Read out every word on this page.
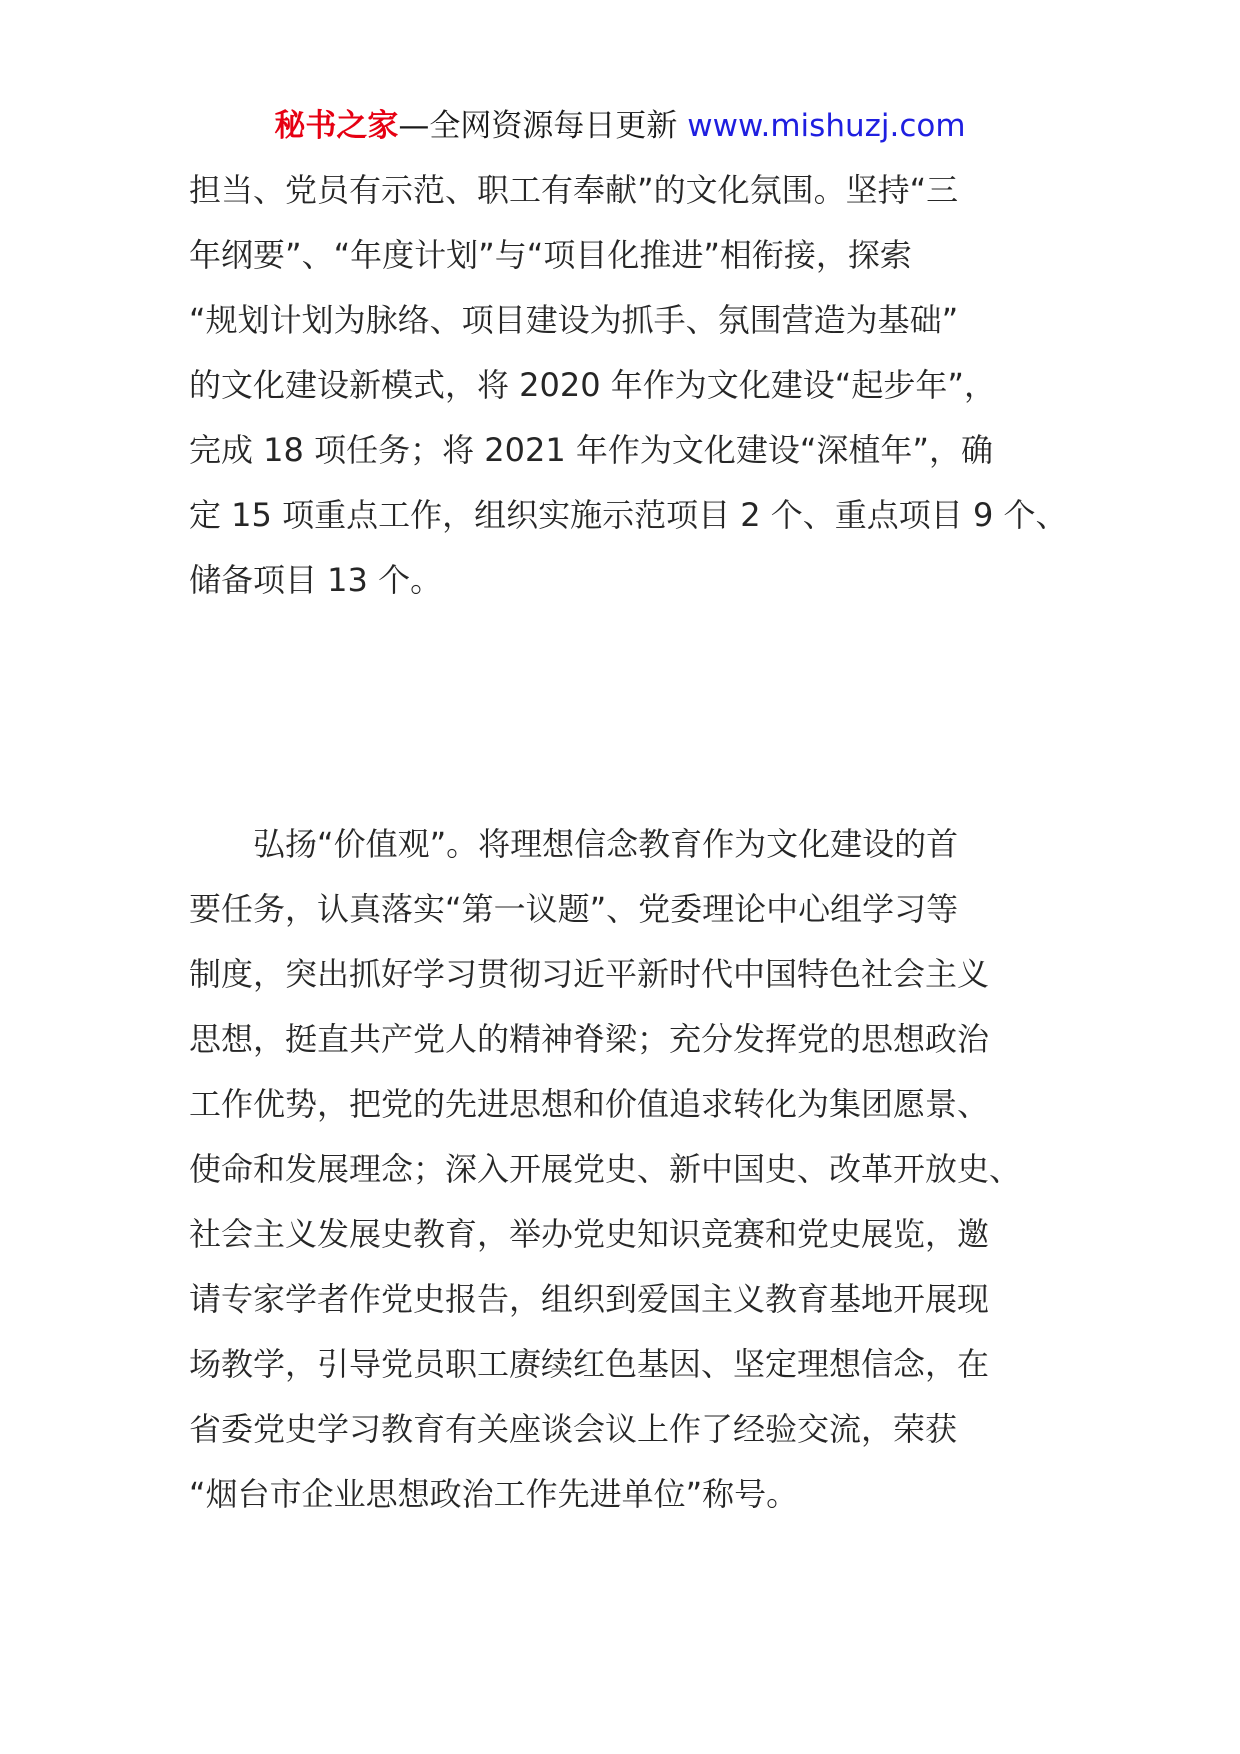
秘书之家—全网资源每日更新 www.mishuzj.com
担当、党员有示范、职工有奉献”的文化氛围。坚持“三
年纲要”、“年度计划”与“项目化推进”相衔接，探索
“规划计划为脉络、项目建设为抓手、氛围营造为基础”
的文化建设新模式，将 2020 年作为文化建设“起步年”，
完成 18 项任务；将 2021 年作为文化建设“深植年”，确
定 15 项重点工作，组织实施示范项目 2 个、重点项目 9 个、
储备项目 13 个。
　　弘扬“价值观”。将理想信念教育作为文化建设的首
要任务，认真落实“第一议题”、党委理论中心组学习等
制度，突出抓好学习贯彻习近平新时代中国特色社会主义
思想，挺直共产党人的精神脊梁；充分发挥党的思想政治
工作优势，把党的先进思想和价值追求转化为集团愿景、
使命和发展理念；深入开展党史、新中国史、改革开放史、
社会主义发展史教育，举办党史知识竞赛和党史展览，邀
请专家学者作党史报告，组织到爱国主义教育基地开展现
场教学，引导党员职工赓续红色基因、坚定理想信念，在
省委党史学习教育有关座谈会议上作了经验交流，荣获
“烟台市企业思想政治工作先进单位”称号。
